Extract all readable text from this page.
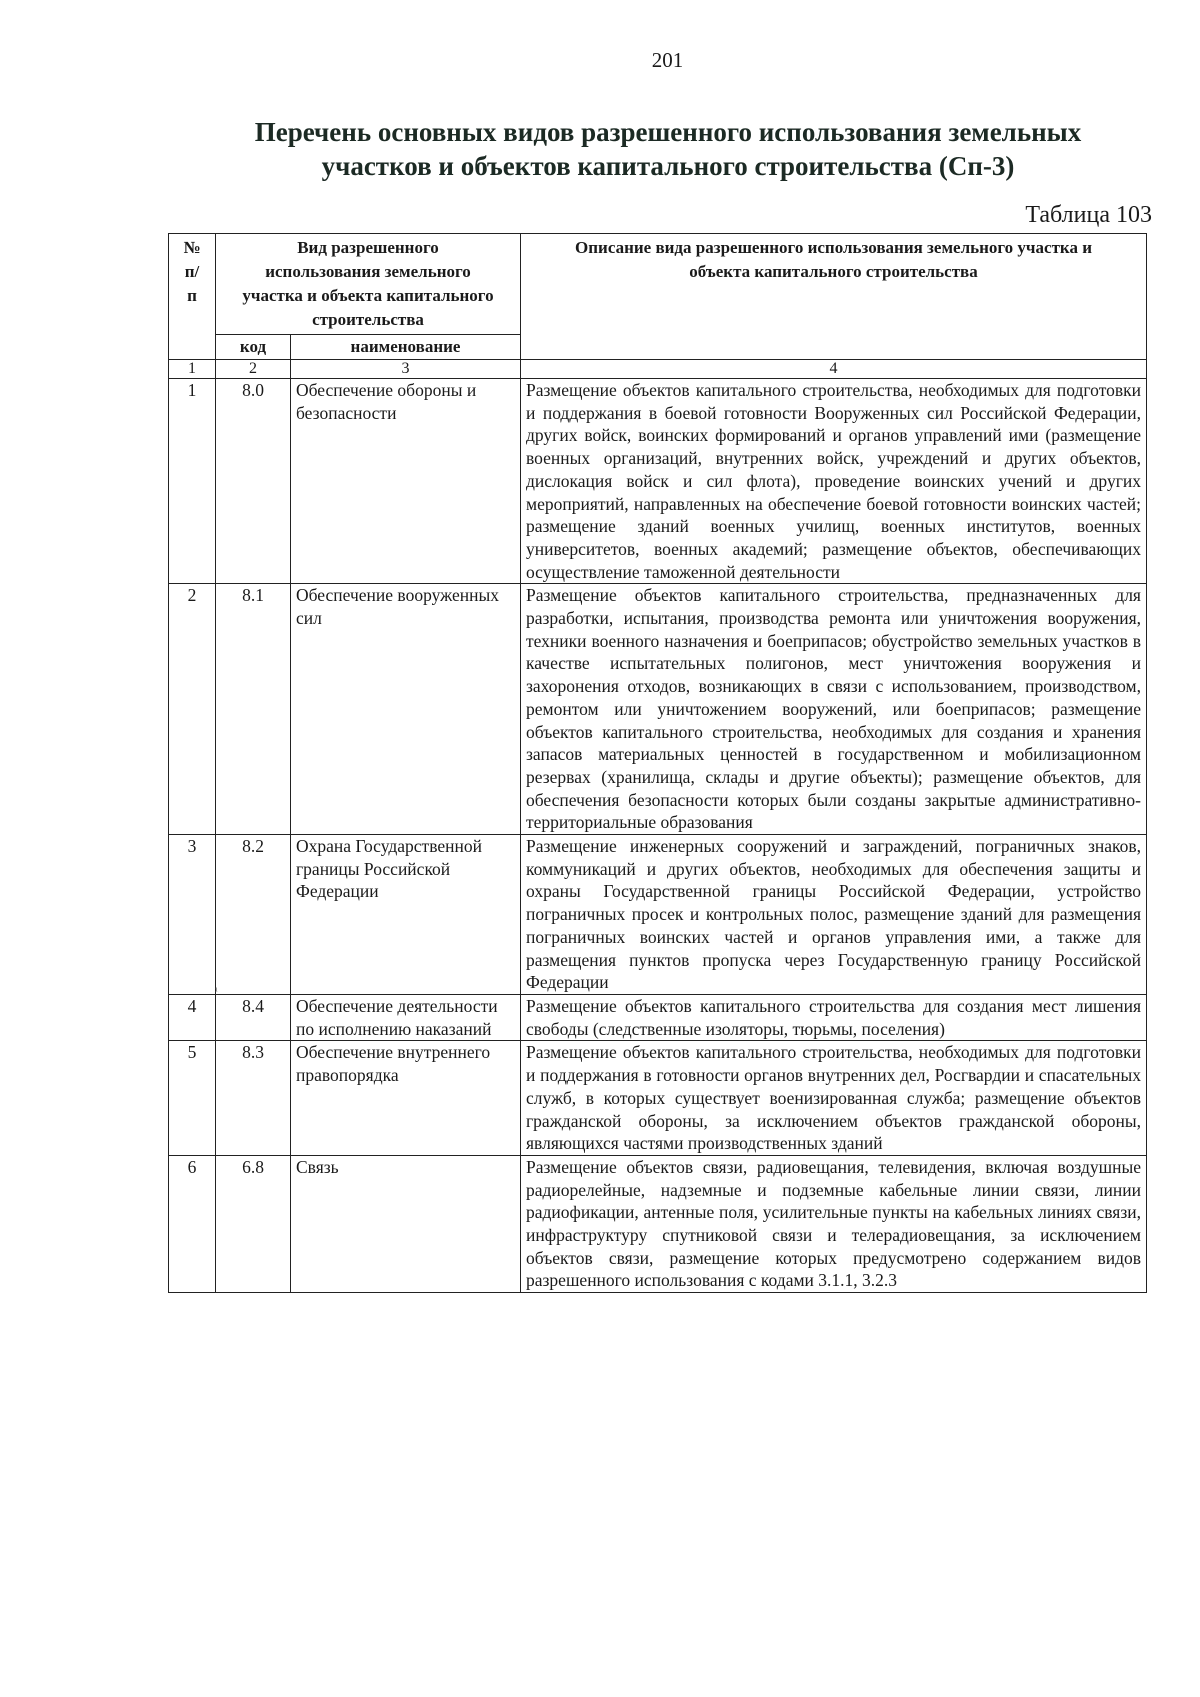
201
Перечень основных видов разрешенного использования земельных
участков и объектов капитального строительства (Сп-3)
Таблица 103
№ п/п	Вид разрешенного использования земельного участка и объекта капитального строительства		Описание вида разрешенного использования земельного участка и объекта капитального строительства
	код	наименование	
1	2	3	4
1	8.0	Обеспечение обороны и безопасности	Размещение объектов капитального строительства, необходимых для подготовки и поддержания в боевой готовности Вооруженных сил Российской Федерации, других войск, воинских формирований и органов управлений ими (размещение военных организаций, внутренних войск, учреждений и других объектов, дислокация войск и сил флота), проведение воинских учений и других мероприятий, направленных на обеспечение боевой готовности воинских частей; размещение зданий военных училищ, военных институтов, военных университетов, военных академий; размещение объектов, обеспечивающих осуществление таможенной деятельности
2	8.1	Обеспечение вооруженных сил	Размещение объектов капитального строительства, предназначенных для разработки, испытания, производства ремонта или уничтожения вооружения, техники военного назначения и боеприпасов; обустройство земельных участков в качестве испытательных полигонов, мест уничтожения вооружения и захоронения отходов, возникающих в связи с использованием, производством, ремонтом или уничтожением вооружений, или боеприпасов; размещение объектов капитального строительства, необходимых для создания и хранения запасов материальных ценностей в государственном и мобилизационном резервах (хранилища, склады и другие объекты); размещение объектов, для обеспечения безопасности которых были созданы закрытые административно-территориальные образования
3	8.2	Охрана Государственной границы Российской Федерации	Размещение инженерных сооружений и заграждений, пограничных знаков, коммуникаций и других объектов, необходимых для обеспечения защиты и охраны Государственной границы Российской Федерации, устройство пограничных просек и контрольных полос, размещение зданий для размещения пограничных воинских частей и органов управления ими, а также для размещения пунктов пропуска через Государственную границу Российской Федерации
4	8.4	Обеспечение деятельности по исполнению наказаний	Размещение объектов капитального строительства для создания мест лишения свободы (следственные изоляторы, тюрьмы, поселения)
5	8.3	Обеспечение внутреннего правопорядка	Размещение объектов капитального строительства, необходимых для подготовки и поддержания в готовности органов внутренних дел, Росгвардии и спасательных служб, в которых существует военизированная служба; размещение объектов гражданской обороны, за исключением объектов гражданской обороны, являющихся частями производственных зданий
6	6.8	Связь	Размещение объектов связи, радиовещания, телевидения, включая воздушные радиорелейные, надземные и подземные кабельные линии связи, линии радиофикации, антенные поля, усилительные пункты на кабельных линиях связи, инфраструктуру спутниковой связи и телерадиовещания, за исключением объектов связи, размещение которых предусмотрено содержанием видов разрешенного использования с кодами 3.1.1, 3.2.3
¹
